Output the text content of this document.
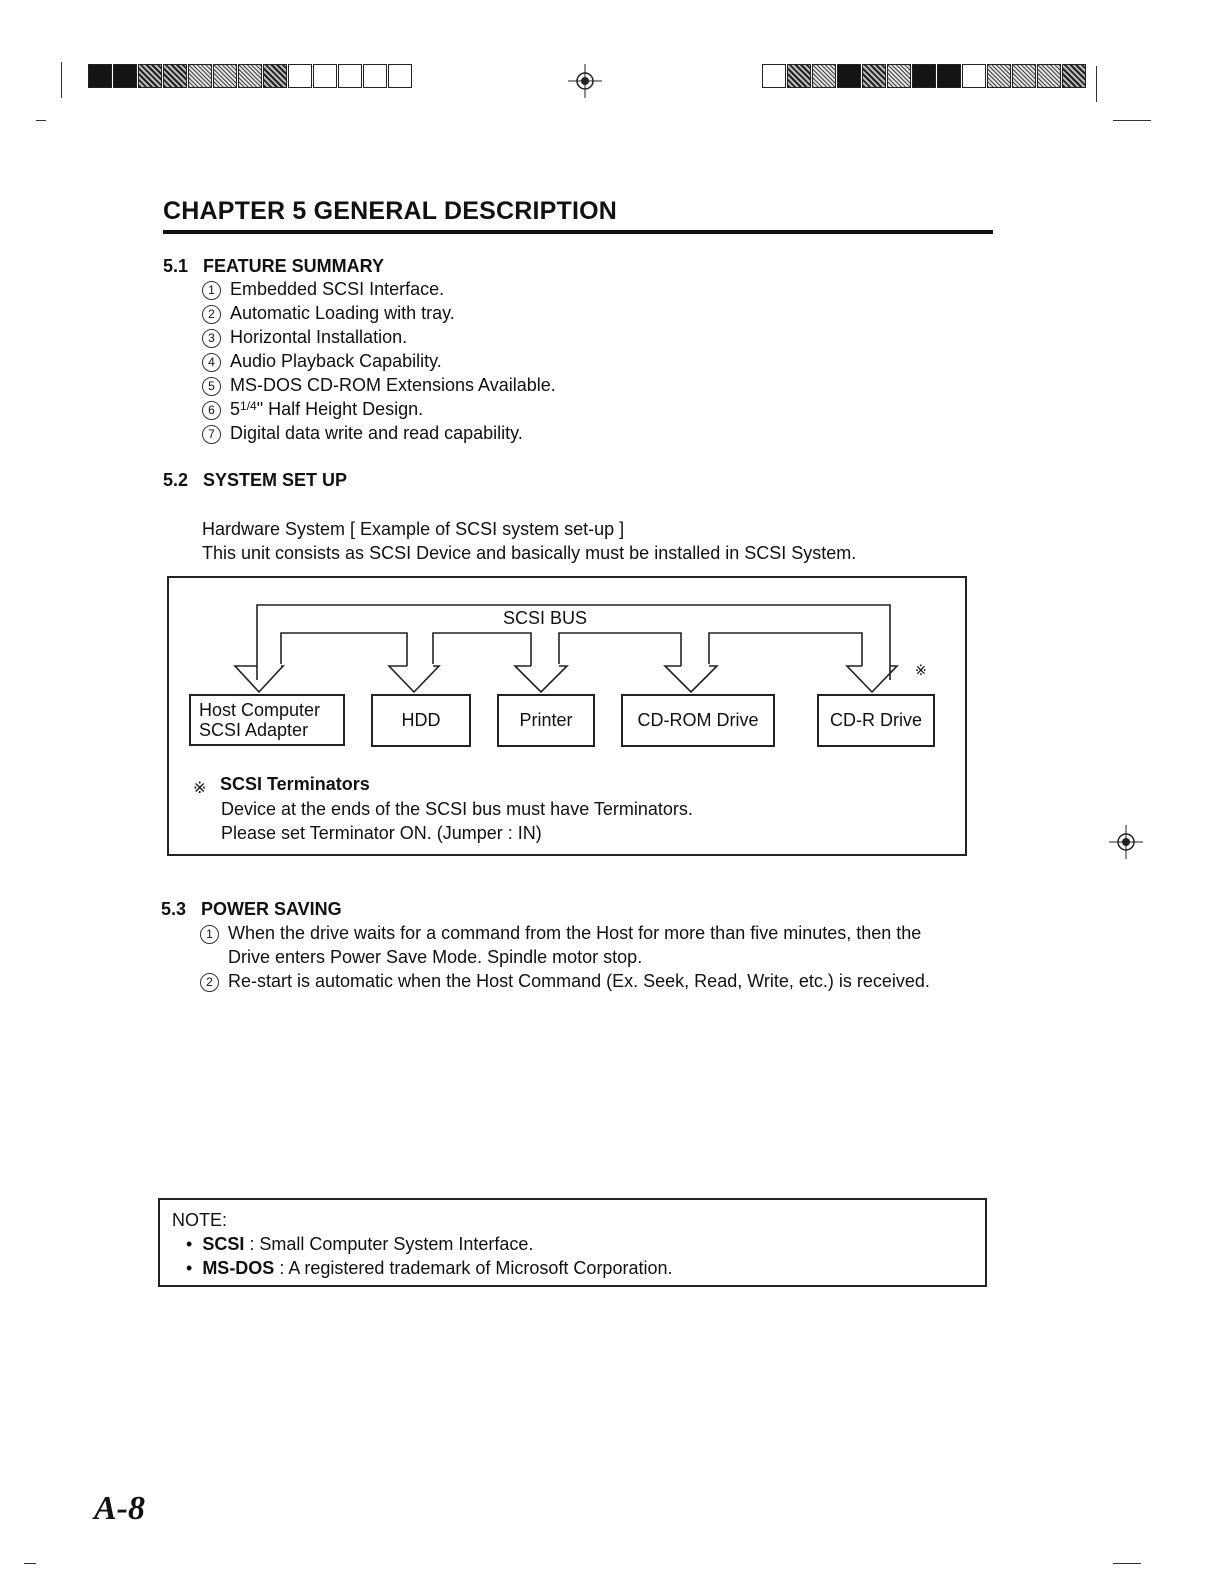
CHAPTER 5 GENERAL DESCRIPTION
5.1 FEATURE SUMMARY
1 Embedded SCSI Interface.
2 Automatic Loading with tray.
3 Horizontal Installation.
4 Audio Playback Capability.
5 MS-DOS CD-ROM Extensions Available.
6 $5^{1/4}$" Half Height Design.
7 Digital data write and read capability.
5.2 SYSTEM SET UP
Hardware System [ Example of SCSI system set-up ]
This unit consists as SCSI Device and basically must be installed in SCSI System.
SCSI BUS
※
Host Computer
SCSI Adapter	HDD	Printer	CD-ROM Drive	CD-R Drive
※ SCSI Terminators
Device at the ends of the SCSI bus must have Terminators.
Please set Terminator ON. (Jumper : IN)
5.3 POWER SAVING
1 When the drive waits for a command from the Host for more than five minutes, then the
Drive enters Power Save Mode. Spindle motor stop.
2 Re-start is automatic when the Host Command (Ex. Seek, Read, Write, etc.) is received.
NOTE:
•  SCSI : Small Computer System Interface.
•  MS-DOS : A registered trademark of Microsoft Corporation.
A-8
